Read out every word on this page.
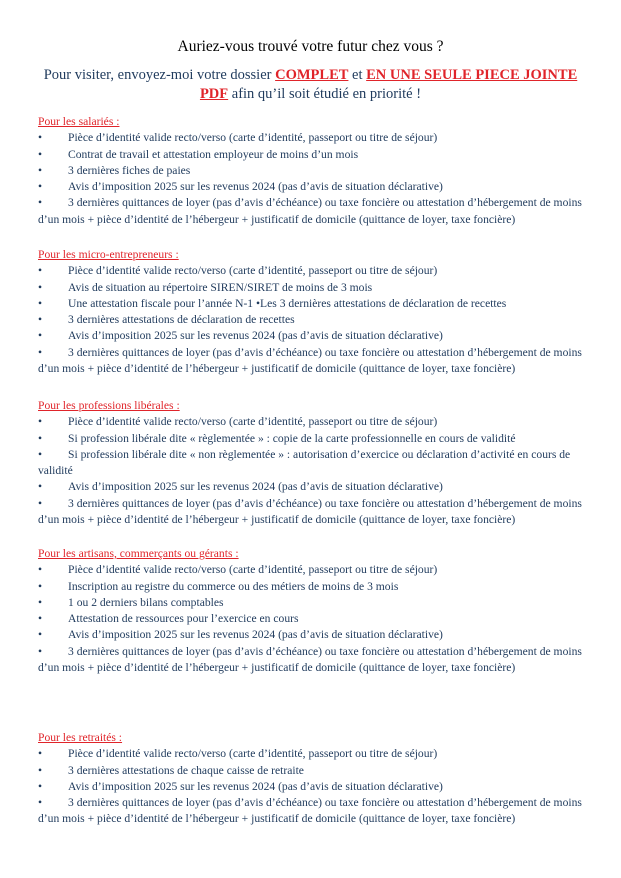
Auriez-vous trouvé votre futur chez vous ?

Pour visiter, envoyez-moi votre dossier COMPLET et EN UNE SEULE PIECE JOINTE
PDF afin qu’il soit étudié en priorité !

Pour les salariés :

•	Pièce d’identité valide recto/verso (carte d’identité, passeport ou titre de séjour)
•	Contrat de travail et attestation employeur de moins d’un mois
•	3 dernières fiches de paies
•	Avis d’imposition 2025 sur les revenus 2024 (pas d’avis de situation déclarative)
•	3 dernières quittances de loyer (pas d’avis d’échéance) ou taxe foncière ou attestation d’hébergement de moins d’un mois + pièce d’identité de l’hébergeur + justificatif de domicile (quittance de loyer, taxe foncière)

Pour les micro-entrepreneurs :

•	Pièce d’identité valide recto/verso (carte d’identité, passeport ou titre de séjour)
•	Avis de situation au répertoire SIREN/SIRET de moins de 3 mois
•	Une attestation fiscale pour l’année N-1 •Les 3 dernières attestations de déclaration de recettes
•	3 dernières attestations de déclaration de recettes
•	Avis d’imposition 2025 sur les revenus 2024 (pas d’avis de situation déclarative)
•	3 dernières quittances de loyer (pas d’avis d’échéance) ou taxe foncière ou attestation d’hébergement de moins d’un mois + pièce d’identité de l’hébergeur + justificatif de domicile (quittance de loyer, taxe foncière)

Pour les professions libérales :

•	Pièce d’identité valide recto/verso (carte d’identité, passeport ou titre de séjour)
•	Si profession libérale dite « règlementée » : copie de la carte professionnelle en cours de validité
•	Si profession libérale dite « non règlementée » : autorisation d’exercice ou déclaration d’activité en cours de validité
•	Avis d’imposition 2025 sur les revenus 2024 (pas d’avis de situation déclarative)
•	3 dernières quittances de loyer (pas d’avis d’échéance) ou taxe foncière ou attestation d’hébergement de moins d’un mois + pièce d’identité de l’hébergeur + justificatif de domicile (quittance de loyer, taxe foncière)

Pour les artisans, commerçants ou gérants :

•	Pièce d’identité valide recto/verso (carte d’identité, passeport ou titre de séjour)
•	Inscription au registre du commerce ou des métiers de moins de 3 mois
•	1 ou 2 derniers bilans comptables
•	Attestation de ressources pour l’exercice en cours
•	Avis d’imposition 2025 sur les revenus 2024 (pas d’avis de situation déclarative)
•	3 dernières quittances de loyer (pas d’avis d’échéance) ou taxe foncière ou attestation d’hébergement de moins d’un mois + pièce d’identité de l’hébergeur + justificatif de domicile (quittance de loyer, taxe foncière)

Pour les retraités :

•	Pièce d’identité valide recto/verso (carte d’identité, passeport ou titre de séjour)
•	3 dernières attestations de chaque caisse de retraite
•	Avis d’imposition 2025 sur les revenus 2024 (pas d’avis de situation déclarative)
•	3 dernières quittances de loyer (pas d’avis d’échéance) ou taxe foncière ou attestation d’hébergement de moins d’un mois + pièce d’identité de l’hébergeur + justificatif de domicile (quittance de loyer, taxe foncière)
